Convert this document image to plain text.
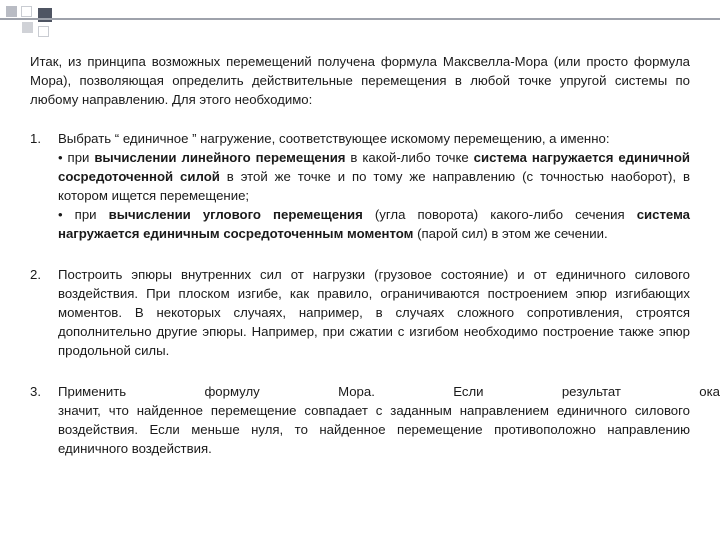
Итак, из принципа возможных перемещений получена формула Максвелла-Мора (или просто формула Мора), позволяющая определить действительные перемещения в любой точке упругой системы по любому направлению. Для этого необходимо:

1. Выбрать “ единичное ” нагружение, соответствующее искомому перемещению, а именно:
• при вычислении линейного перемещения в какой-либо точке система нагружается единичной сосредоточенной силой в этой же точке и по тому же направлению (с точностью наоборот), в котором ищется перемещение;
• при вычислении углового перемещения (угла поворота) какого-либо сечения система нагружается единичным сосредоточенным моментом (парой сил) в этом же сечении.
2. Построить эпюры внутренних сил от нагрузки (грузовое состояние) и от единичного силового воздействия. При плоском изгибе, как правило, ограничиваются построением эпюр изгибающих моментов. В некоторых случаях, например, в случаях сложного сопротивления, строятся дополнительно другие эпюры. Например, при сжатии с изгибом необходимо построение также эпюр продольной силы.
3. Применить	формулу	Мора.	Если	результат	ока
значит, что найденное перемещение совпадает с заданным направлением единичного силового воздействия. Если меньше нуля, то найденное перемещение противоположно направлению единичного воздействия.
